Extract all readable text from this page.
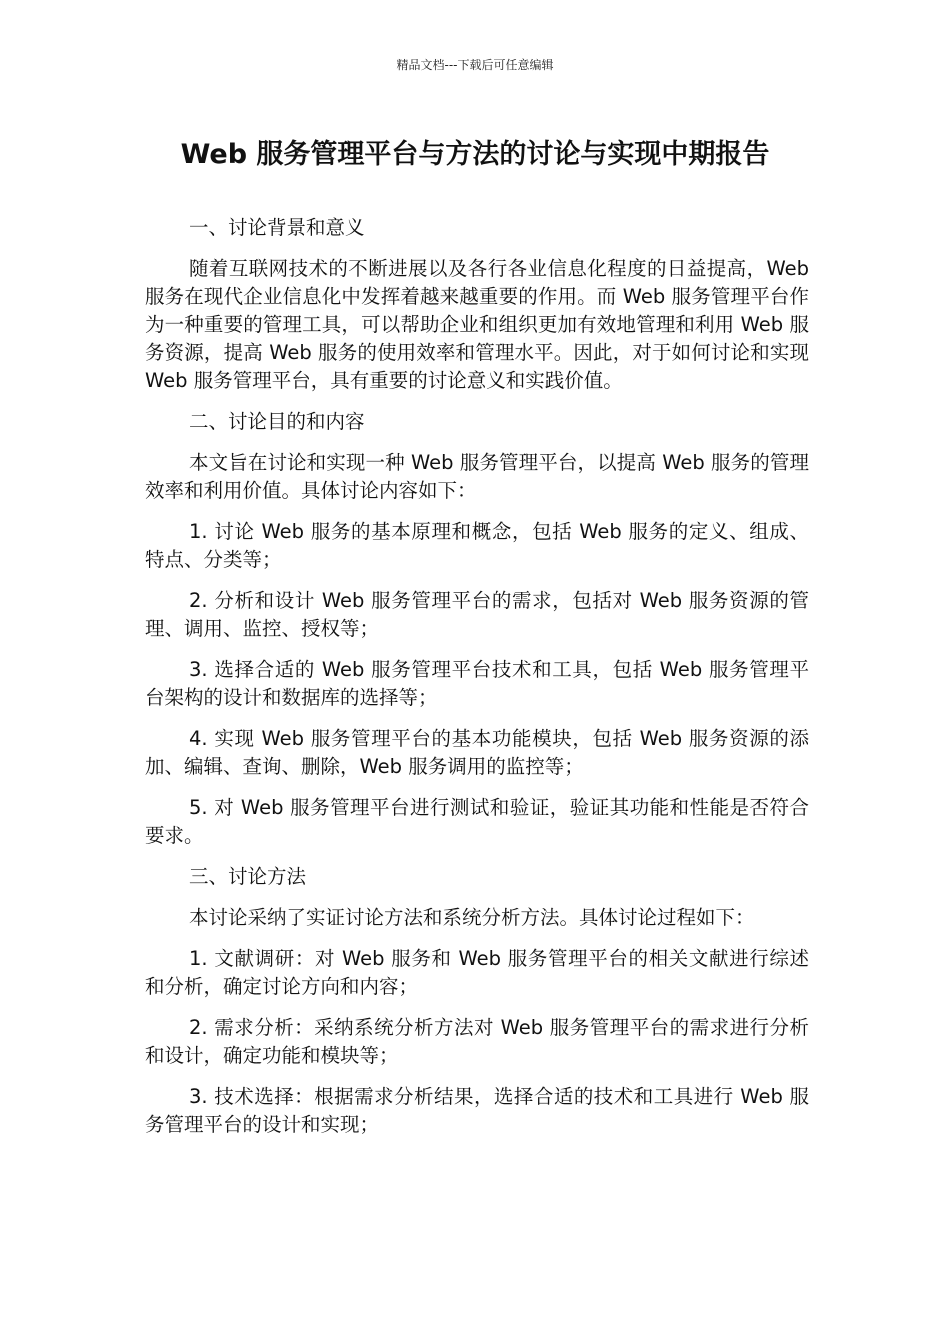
精品文档---下载后可任意编辑
Web 服务管理平台与方法的讨论与实现中期报告

一、讨论背景和意义

随着互联网技术的不断进展以及各行各业信息化程度的日益提高，Web 服务在现代企业信息化中发挥着越来越重要的作用。而 Web 服务管理平台作为一种重要的管理工具，可以帮助企业和组织更加有效地管理和利用 Web 服务资源，提高 Web 服务的使用效率和管理水平。因此，对于如何讨论和实现 Web 服务管理平台，具有重要的讨论意义和实践价值。

二、讨论目的和内容

本文旨在讨论和实现一种 Web 服务管理平台，以提高 Web 服务的管理效率和利用价值。具体讨论内容如下：

1. 讨论 Web 服务的基本原理和概念，包括 Web 服务的定义、组成、特点、分类等；

2. 分析和设计 Web 服务管理平台的需求，包括对 Web 服务资源的管理、调用、监控、授权等；

3. 选择合适的 Web 服务管理平台技术和工具，包括 Web 服务管理平台架构的设计和数据库的选择等；

4. 实现 Web 服务管理平台的基本功能模块，包括 Web 服务资源的添加、编辑、查询、删除，Web 服务调用的监控等；

5. 对 Web 服务管理平台进行测试和验证，验证其功能和性能是否符合要求。

三、讨论方法

本讨论采纳了实证讨论方法和系统分析方法。具体讨论过程如下：

1. 文献调研：对 Web 服务和 Web 服务管理平台的相关文献进行综述和分析，确定讨论方向和内容；

2. 需求分析：采纳系统分析方法对 Web 服务管理平台的需求进行分析和设计，确定功能和模块等；

3. 技术选择：根据需求分析结果，选择合适的技术和工具进行 Web 服务管理平台的设计和实现；
